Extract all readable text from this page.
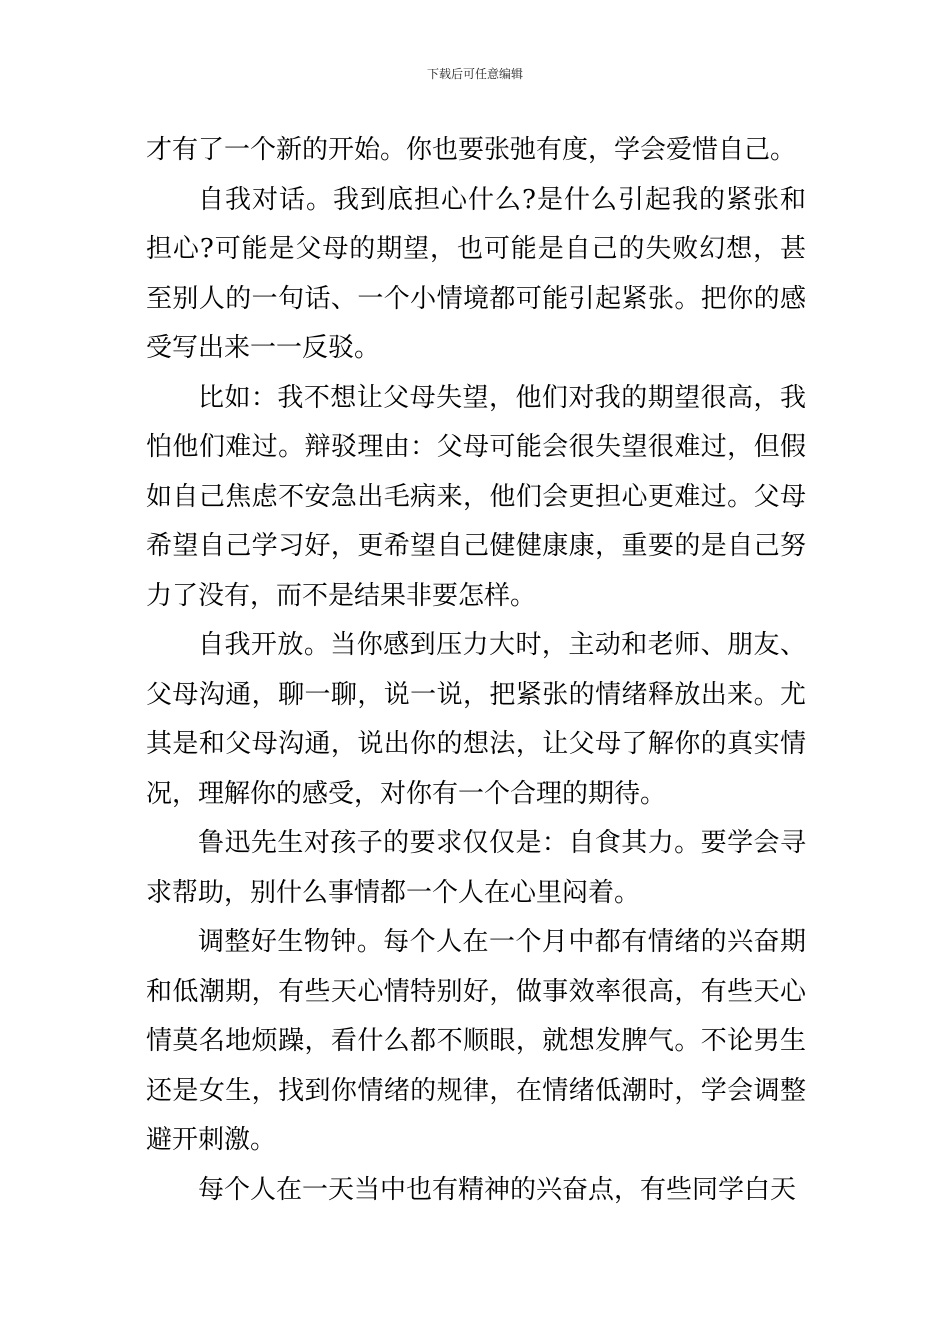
下载后可任意编辑

才有了一个新的开始。你也要张弛有度，学会爱惜自己。

自我对话。我到底担心什么?是什么引起我的紧张和担心?可能是父母的期望，也可能是自己的失败幻想，甚至别人的一句话、一个小情境都可能引起紧张。把你的感受写出来一一反驳。

比如：我不想让父母失望，他们对我的期望很高，我怕他们难过。辩驳理由：父母可能会很失望很难过，但假如自己焦虑不安急出毛病来，他们会更担心更难过。父母希望自己学习好，更希望自己健健康康，重要的是自己努力了没有，而不是结果非要怎样。

自我开放。当你感到压力大时，主动和老师、朋友、父母沟通，聊一聊，说一说，把紧张的情绪释放出来。尤其是和父母沟通，说出你的想法，让父母了解你的真实情况，理解你的感受，对你有一个合理的期待。

鲁迅先生对孩子的要求仅仅是：自食其力。要学会寻求帮助，别什么事情都一个人在心里闷着。

调整好生物钟。每个人在一个月中都有情绪的兴奋期和低潮期，有些天心情特别好，做事效率很高，有些天心情莫名地烦躁，看什么都不顺眼，就想发脾气。不论男生还是女生，找到你情绪的规律，在情绪低潮时，学会调整避开刺激。

每个人在一天当中也有精神的兴奋点，有些同学白天
